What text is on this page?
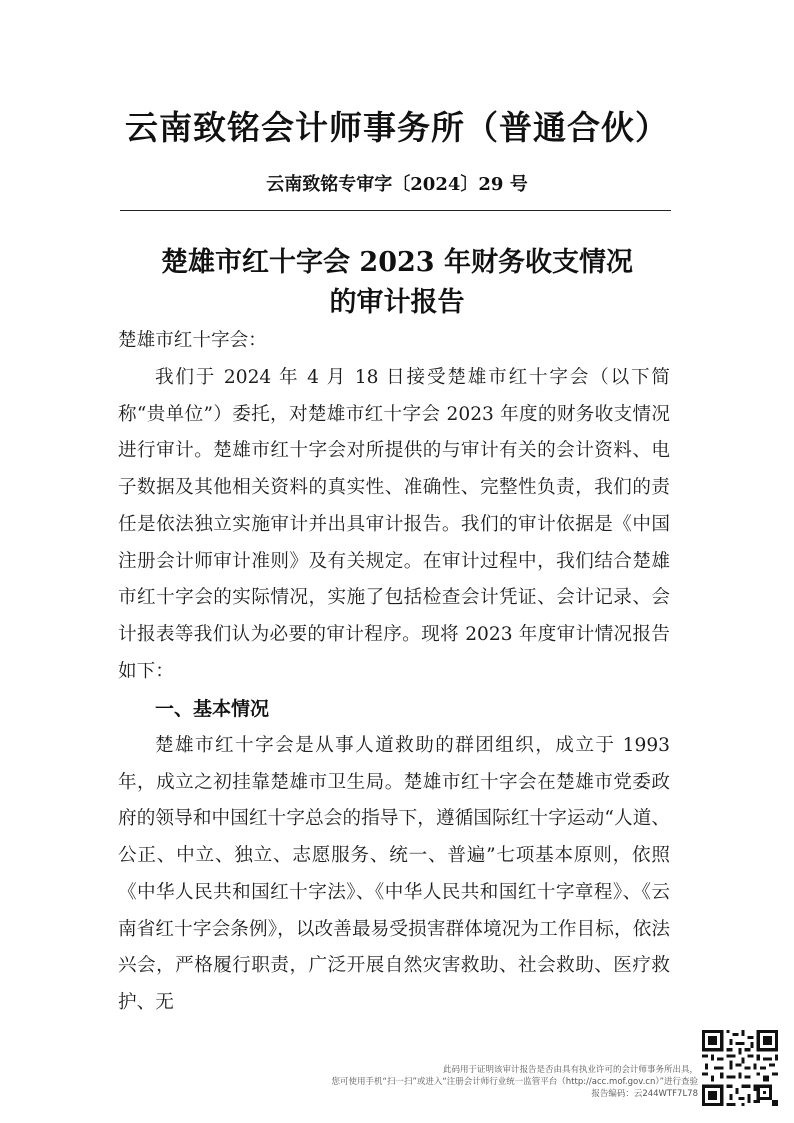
云南致铭会计师事务所（普通合伙）
云南致铭专审字〔2024〕29 号
楚雄市红十字会 2023 年财务收支情况
的审计报告
楚雄市红十字会：
我们于 2024 年 4 月 18 日接受楚雄市红十字会（以下简称“贵单位”）委托，对楚雄市红十字会 2023 年度的财务收支情况进行审计。楚雄市红十字会对所提供的与审计有关的会计资料、电子数据及其他相关资料的真实性、准确性、完整性负责，我们的责任是依法独立实施审计并出具审计报告。我们的审计依据是《中国注册会计师审计准则》及有关规定。在审计过程中，我们结合楚雄市红十字会的实际情况，实施了包括检查会计凭证、会计记录、会计报表等我们认为必要的审计程序。现将 2023 年度审计情况报告如下：
一、基本情况
楚雄市红十字会是从事人道救助的群团组织，成立于 1993 年，成立之初挂靠楚雄市卫生局。楚雄市红十字会在楚雄市党委政府的领导和中国红十字总会的指导下，遵循国际红十字运动“人道、公正、中立、独立、志愿服务、统一、普遍”七项基本原则，依照《中华人民共和国红十字法》、《中华人民共和国红十字章程》、《云南省红十字会条例》，以改善最易受损害群体境况为工作目标，依法兴会，严格履行职责，广泛开展自然灾害救助、社会救助、医疗救护、无
此码用于证明该审计报告是否由具有执业许可的会计师事务所出具，
您可使用手机“扫一扫”或进入“注册会计师行业统一监管平台（http://acc.mof.gov.cn）”进行查验
报告编码：云244WTF7L78
